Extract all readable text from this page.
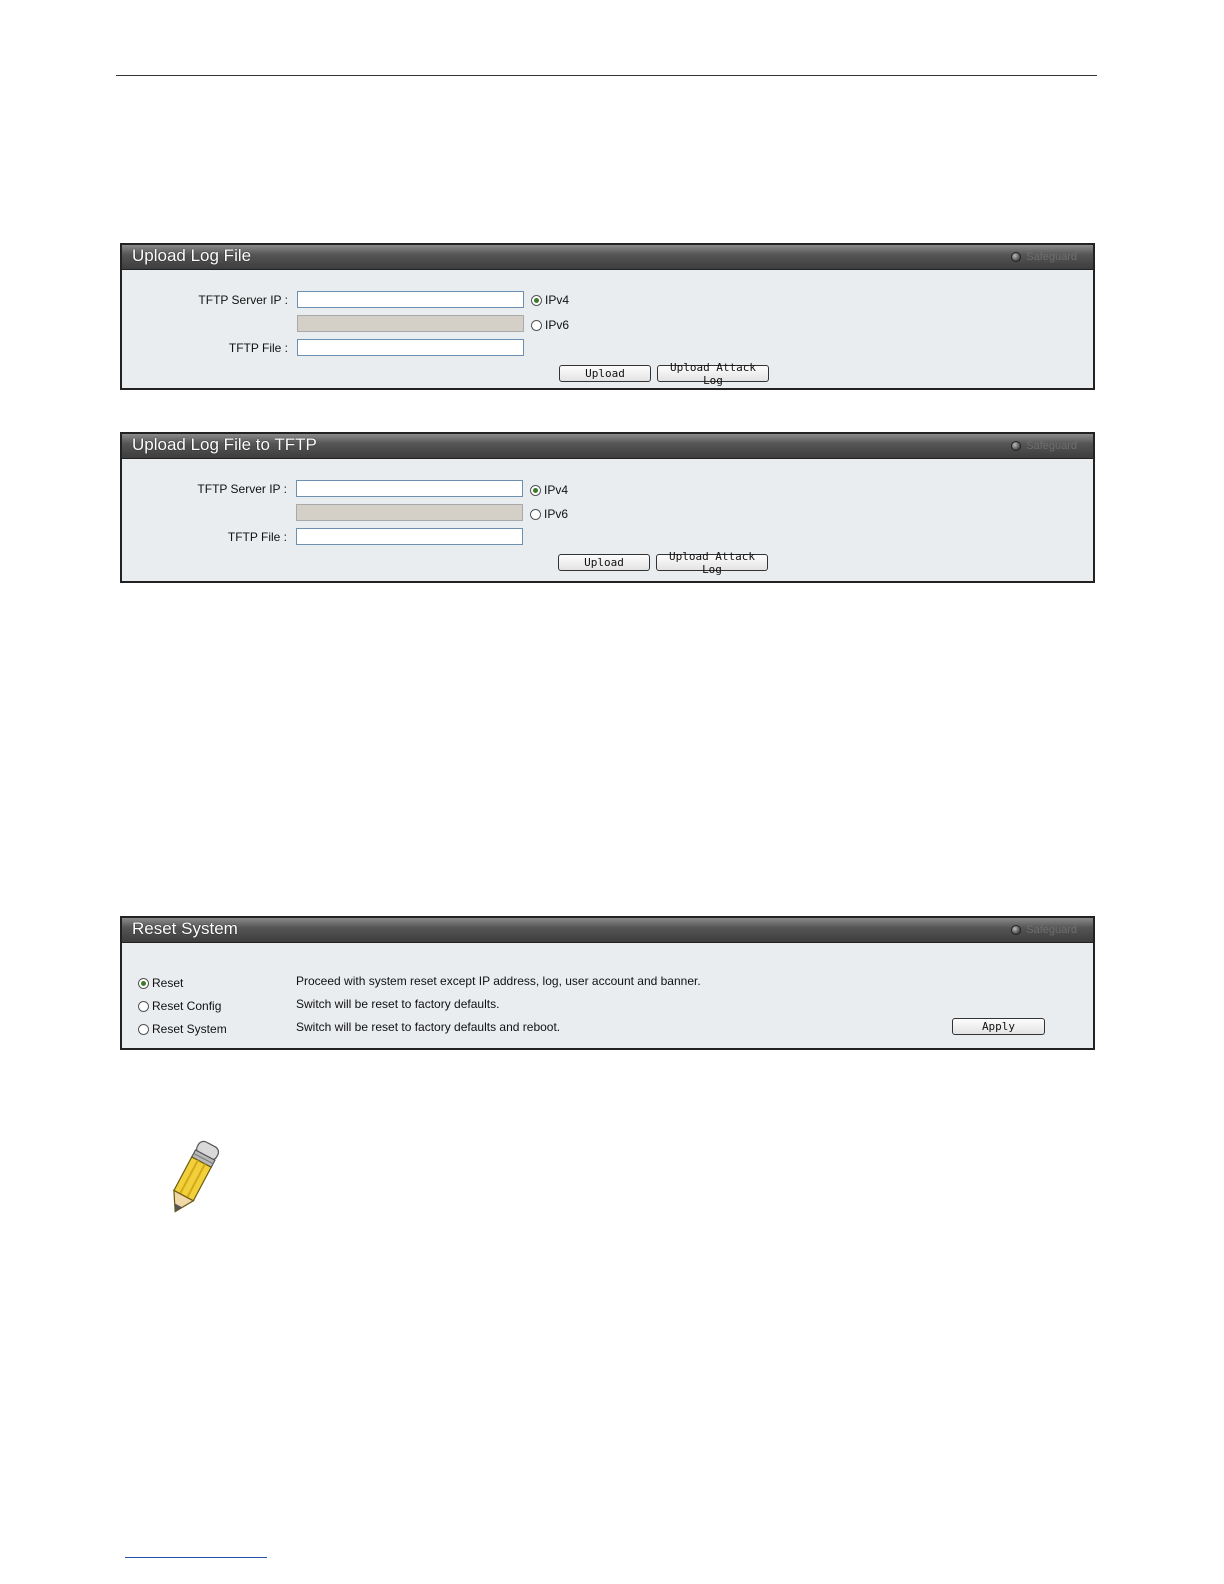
Upload Log File	Safeguard
TFTP Server IP :	IPv4
IPv6
TFTP File :
Upload	Upload Attack Log
Upload Log File to TFTP	Safeguard
TFTP Server IP :	IPv4
IPv6
TFTP File :
Upload	Upload Attack Log
Reset System	Safeguard
Reset	Proceed with system reset except IP address, log, user account and banner.
Reset Config	Switch will be reset to factory defaults.
Reset System	Switch will be reset to factory defaults and reboot.	Apply
